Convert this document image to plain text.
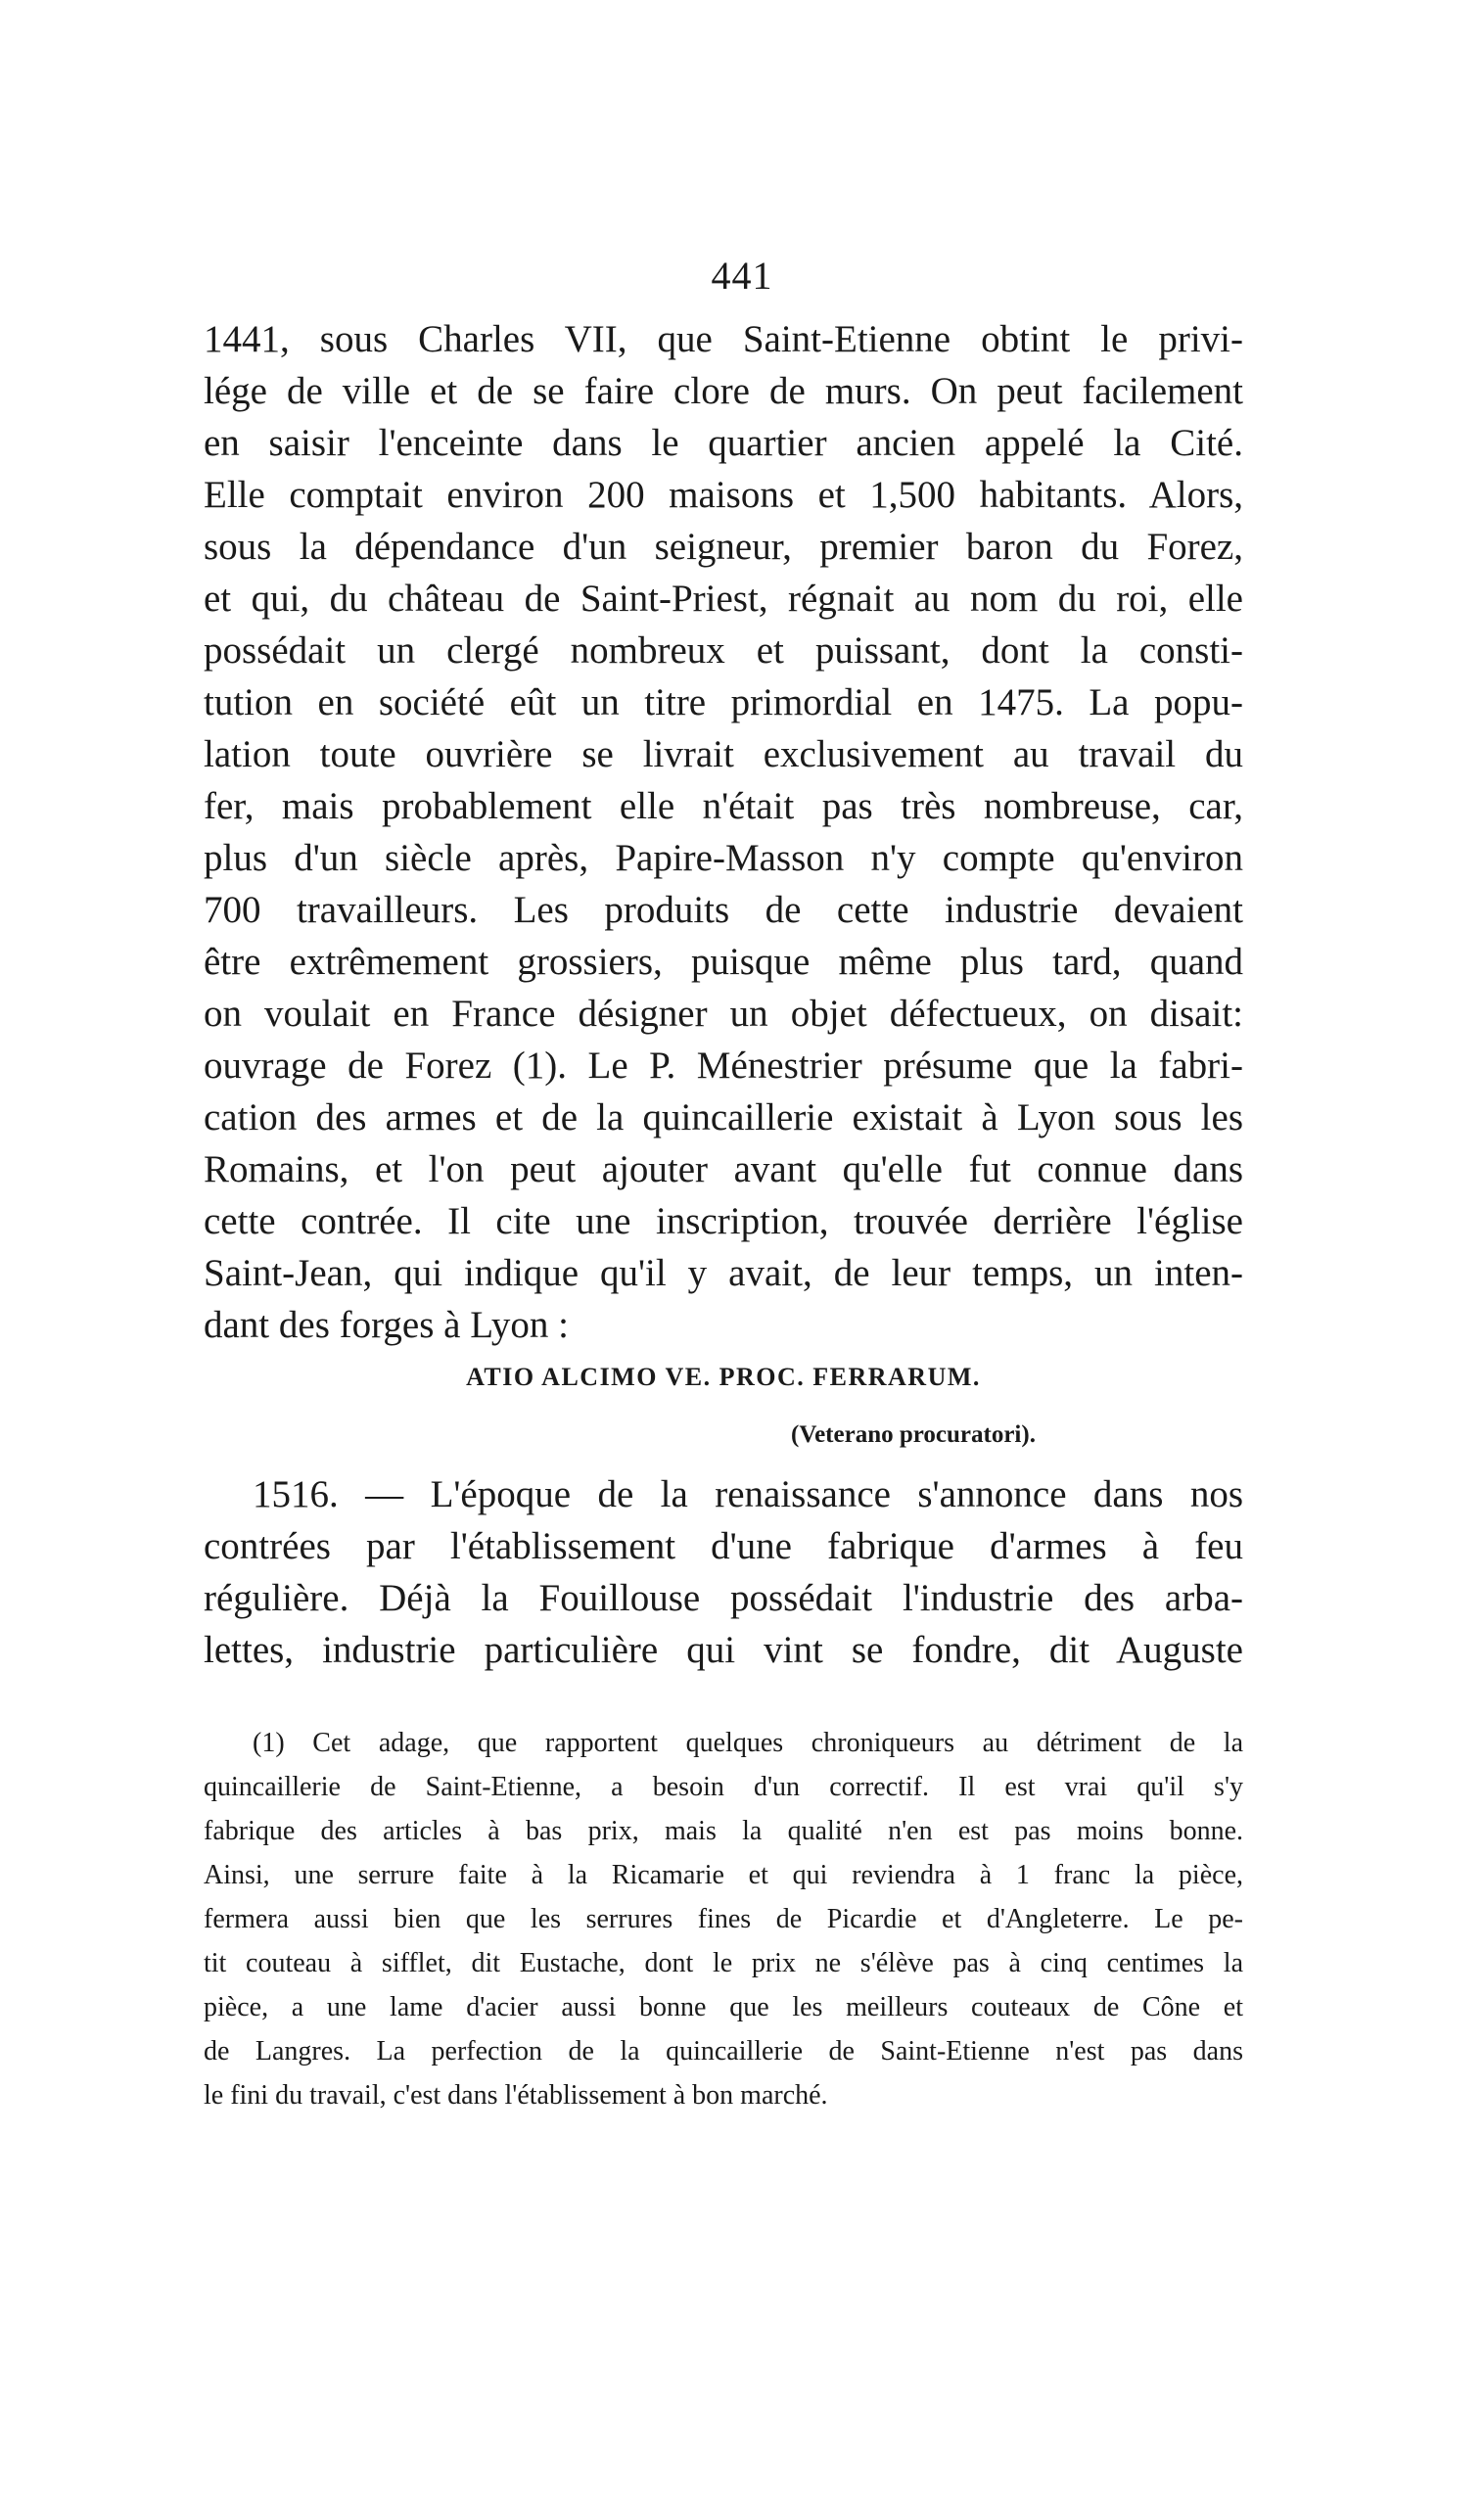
441
1441, sous Charles VII, que Saint-Etienne obtint le privi-
lége de ville et de se faire clore de murs. On peut facilement
en saisir l'enceinte dans le quartier ancien appelé la Cité.
Elle comptait environ 200 maisons et 1,500 habitants. Alors,
sous la dépendance d'un seigneur, premier baron du Forez,
et qui, du château de Saint-Priest, régnait au nom du roi, elle
possédait un clergé nombreux et puissant, dont la consti-
tution en société eût un titre primordial en 1475. La popu-
lation toute ouvrière se livrait exclusivement au travail du
fer, mais probablement elle n'était pas très nombreuse, car,
plus d'un siècle après, Papire-Masson n'y compte qu'environ
700 travailleurs. Les produits de cette industrie devaient
être extrêmement grossiers, puisque même plus tard, quand
on voulait en France désigner un objet défectueux, on disait:
ouvrage de Forez (1). Le P. Ménestrier présume que la fabri-
cation des armes et de la quincaillerie existait à Lyon sous les
Romains, et l'on peut ajouter avant qu'elle fut connue dans
cette contrée. Il cite une inscription, trouvée derrière l'église
Saint-Jean, qui indique qu'il y avait, de leur temps, un inten-
dant des forges à Lyon :
ATIO ALCIMO VE. PROC. FERRARUM.
(Veterano procuratori).
1516. — L'époque de la renaissance s'annonce dans nos
contrées par l'établissement d'une fabrique d'armes à feu
régulière. Déjà la Fouillouse possédait l'industrie des arba-
lettes, industrie particulière qui vint se fondre, dit Auguste
(1) Cet adage, que rapportent quelques chroniqueurs au détriment de la
quincaillerie de Saint-Etienne, a besoin d'un correctif. Il est vrai qu'il s'y
fabrique des articles à bas prix, mais la qualité n'en est pas moins bonne.
Ainsi, une serrure faite à la Ricamarie et qui reviendra à 1 franc la pièce,
fermera aussi bien que les serrures fines de Picardie et d'Angleterre. Le pe-
tit couteau à sifflet, dit Eustache, dont le prix ne s'élève pas à cinq centimes la
pièce, a une lame d'acier aussi bonne que les meilleurs couteaux de Cône et
de Langres. La perfection de la quincaillerie de Saint-Etienne n'est pas dans
le fini du travail, c'est dans l'établissement à bon marché.
